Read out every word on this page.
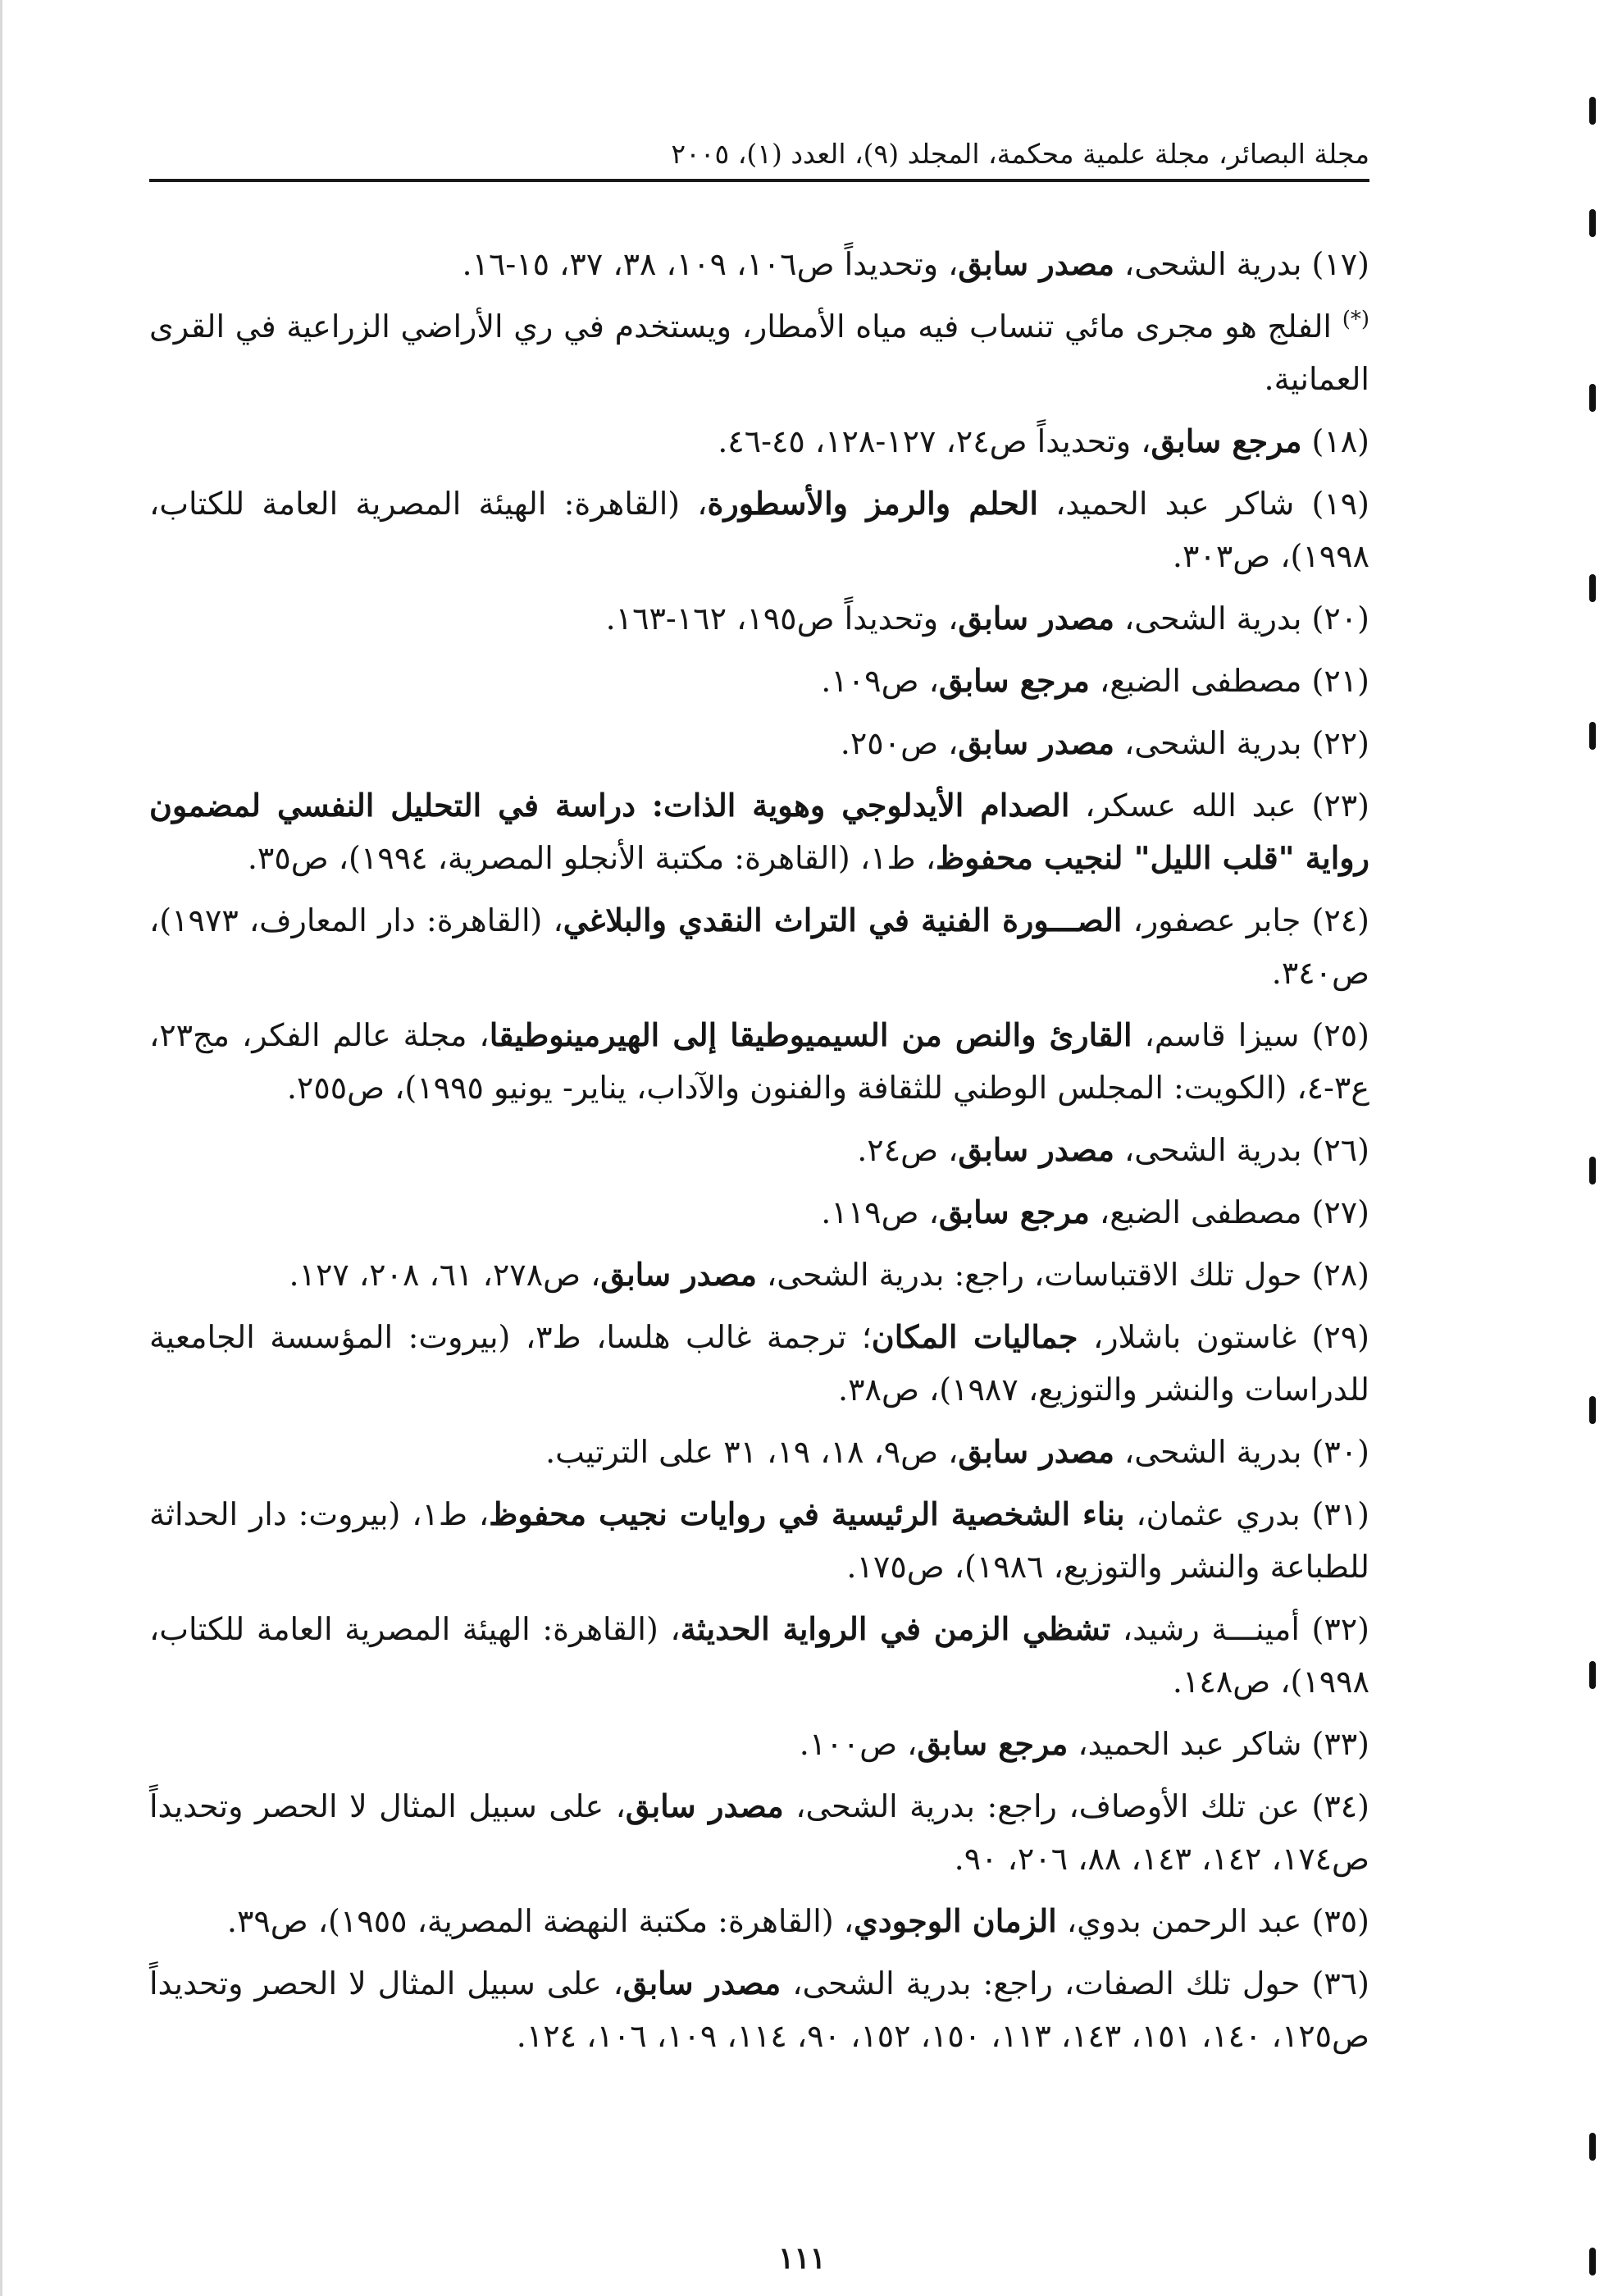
مجلة البصائر، مجلة علمية محكمة، المجلد (٩)، العدد (١)، ٢٠٠٥
(١٧) بدرية الشحى، مصدر سابق، وتحديداً ص١٠٦، ١٠٩، ٣٨، ٣٧، ١٥-١٦.
(*) الفلج هو مجرى مائي تنساب فيه مياه الأمطار، ويستخدم في ري الأراضي الزراعية في القرى العمانية.
(١٨) مرجع سابق، وتحديداً ص٢٤، ١٢٧-١٢٨، ٤٥-٤٦.
(١٩) شاكر عبد الحميد، الحلم والرمز والأسطورة، (القاهرة: الهيئة المصرية العامة للكتاب، ١٩٩٨)، ص٣٠٣.
(٢٠) بدرية الشحى، مصدر سابق، وتحديداً ص١٩٥، ١٦٢-١٦٣.
(٢١) مصطفى الضبع، مرجع سابق، ص١٠٩.
(٢٢) بدرية الشحى، مصدر سابق، ص٢٥٠.
(٢٣) عبد الله عسكر، الصدام الأيدلوجي وهوية الذات: دراسة في التحليل النفسي لمضمون رواية "قلب الليل" لنجيب محفوظ، ط١، (القاهرة: مكتبة الأنجلو المصرية، ١٩٩٤)، ص٣٥.
(٢٤) جابر عصفور، الصـــورة الفنية في التراث النقدي والبلاغي، (القاهرة: دار المعارف، ١٩٧٣)، ص٣٤٠.
(٢٥) سيزا قاسم، القارئ والنص من السيميوطيقا إلى الهيرمينوطيقا، مجلة عالم الفكر، مج٢٣، ع٣-٤، (الكويت: المجلس الوطني للثقافة والفنون والآداب، يناير- يونيو ١٩٩٥)، ص٢٥٥.
(٢٦) بدرية الشحى، مصدر سابق، ص٢٤.
(٢٧) مصطفى الضبع، مرجع سابق، ص١١٩.
(٢٨) حول تلك الاقتباسات، راجع: بدرية الشحى، مصدر سابق، ص٢٧٨، ٦١، ٢٠٨، ١٢٧.
(٢٩) غاستون باشلار، جماليات المكان؛ ترجمة غالب هلسا، ط٣، (بيروت: المؤسسة الجامعية للدراسات والنشر والتوزيع، ١٩٨٧)، ص٣٨.
(٣٠) بدرية الشحى، مصدر سابق، ص٩، ١٨، ١٩، ٣١ على الترتيب.
(٣١) بدري عثمان، بناء الشخصية الرئيسية في روايات نجيب محفوظ، ط١، (بيروت: دار الحداثة للطباعة والنشر والتوزيع، ١٩٨٦)، ص١٧٥.
(٣٢) أمينـــة رشيد، تشظي الزمن في الرواية الحديثة، (القاهرة: الهيئة المصرية العامة للكتاب، ١٩٩٨)، ص١٤٨.
(٣٣) شاكر عبد الحميد، مرجع سابق، ص١٠٠.
(٣٤) عن تلك الأوصاف، راجع: بدرية الشحى، مصدر سابق، على سبيل المثال لا الحصر وتحديداً ص١٧٤، ١٤٢، ١٤٣، ٨٨، ٢٠٦، ٩٠.
(٣٥) عبد الرحمن بدوي، الزمان الوجودي، (القاهرة: مكتبة النهضة المصرية، ١٩٥٥)، ص٣٩.
(٣٦) حول تلك الصفات، راجع: بدرية الشحى، مصدر سابق، على سبيل المثال لا الحصر وتحديداً ص١٢٥، ١٤٠، ١٥١، ١٤٣، ١١٣، ١٥٠، ١٥٢، ٩٠، ١١٤، ١٠٩، ١٠٦، ١٢٤.
١١١
